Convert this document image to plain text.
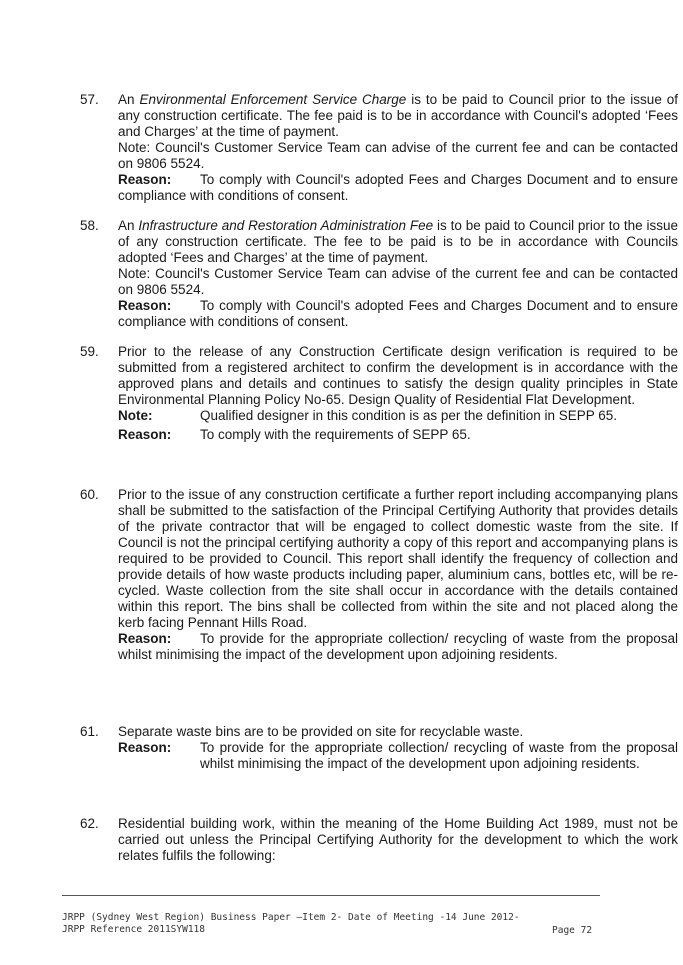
57. An Environmental Enforcement Service Charge is to be paid to Council prior to the issue of any construction certificate. The fee paid is to be in accordance with Council's adopted ‘Fees and Charges’ at the time of payment.

Note: Council's Customer Service Team can advise of the current fee and can be contacted on 9806 5524.

Reason: To comply with Council's adopted Fees and Charges Document and to ensure compliance with conditions of consent.

58. An Infrastructure and Restoration Administration Fee is to be paid to Council prior to the issue of any construction certificate. The fee to be paid is to be in accordance with Councils adopted ‘Fees and Charges’ at the time of payment.

Note: Council's Customer Service Team can advise of the current fee and can be contacted on 9806 5524.

Reason: To comply with Council's adopted Fees and Charges Document and to ensure compliance with conditions of consent.

59. Prior to the release of any Construction Certificate design verification is required to be submitted from a registered architect to confirm the development is in accordance with the approved plans and details and continues to satisfy the design quality principles in State Environmental Planning Policy No-65. Design Quality of Residential Flat Development.

Note:	Qualified designer in this condition is as per the definition in SEPP 65.
Reason:	To comply with the requirements of SEPP 65.
60. Prior to the issue of any construction certificate a further report including accompanying plans shall be submitted to the satisfaction of the Principal Certifying Authority that provides details of the private contractor that will be engaged to collect domestic waste from the site. If Council is not the principal certifying authority a copy of this report and accompanying plans is required to be provided to Council. This report shall identify the frequency of collection and provide details of how waste products including paper, aluminium cans, bottles etc, will be re-cycled. Waste collection from the site shall occur in accordance with the details contained within this report. The bins shall be collected from within the site and not placed along the kerb facing Pennant Hills Road.

Reason: To provide for the appropriate collection/ recycling of waste from the proposal whilst minimising the impact of the development upon adjoining residents.

61. Separate waste bins are to be provided on site for recyclable waste.

Reason:	To provide for the appropriate collection/ recycling of waste from the proposal whilst minimising the impact of the development upon adjoining residents.
62. Residential building work, within the meaning of the Home Building Act 1989, must not be carried out unless the Principal Certifying Authority for the development to which the work relates fulfils the following:

JRPP (Sydney West Region) Business Paper –Item 2- Date of Meeting -14 June 2012-
JRPP Reference 2011SYW118	Page 72
